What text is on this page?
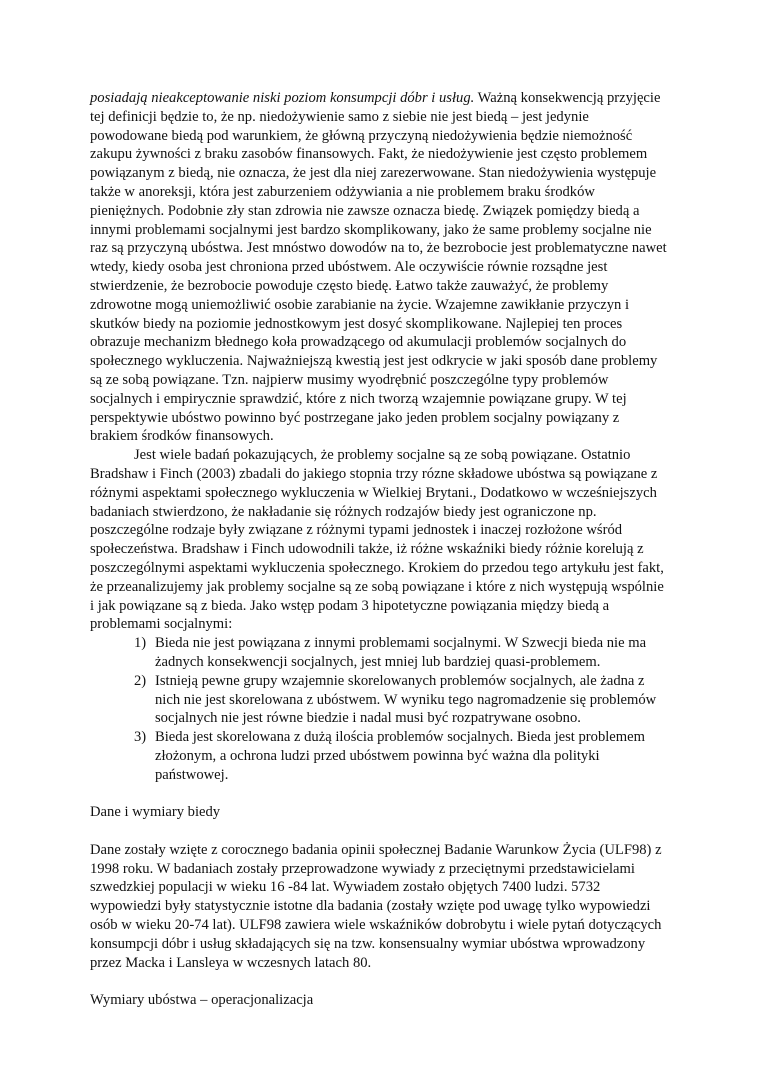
posiadają nieakceptowanie niski poziom konsumpcji dóbr i usług. Ważną konsekwencją przyjęcie tej definicji będzie to, że np. niedożywienie samo z siebie nie jest biedą – jest jedynie powodowane biedą pod warunkiem, że główną przyczyną niedożywienia będzie niemożność zakupu żywności z braku zasobów finansowych. Fakt, że niedożywienie jest często problemem powiązanym z biedą, nie oznacza, że jest dla niej zarezerwowane. Stan niedożywienia występuje także w anoreksji, która jest zaburzeniem odżywiania a nie problemem braku środków pieniężnych. Podobnie zły stan zdrowia nie zawsze oznacza biedę. Związek pomiędzy biedą a innymi problemami socjalnymi jest bardzo skomplikowany, jako że same problemy socjalne nie raz są przyczyną ubóstwa. Jest mnóstwo dowodów na to, że bezrobocie jest problematyczne nawet wtedy, kiedy osoba jest chroniona przed ubóstwem. Ale oczywiście równie rozsądne jest stwierdzenie, że bezrobocie powoduje często biedę. Łatwo także zauważyć, że problemy zdrowotne mogą uniemożliwić osobie zarabianie na życie. Wzajemne zawikłanie przyczyn i skutków biedy na poziomie jednostkowym jest dosyć skomplikowane. Najlepiej ten proces obrazuje mechanizm błednego koła prowadzącego od akumulacji problemów socjalnych do społecznego wykluczenia. Najważniejszą kwestią jest jest odkrycie w jaki sposób dane problemy są ze sobą powiązane. Tzn. najpierw musimy wyodrębnić poszczególne typy problemów socjalnych i empirycznie sprawdzić, które z nich tworzą wzajemnie powiązane grupy. W tej perspektywie ubóstwo powinno być postrzegane jako jeden problem socjalny powiązany z brakiem środków finansowych.

Jest wiele badań pokazujących, że problemy socjalne są ze sobą powiązane. Ostatnio Bradshaw i Finch (2003) zbadali do jakiego stopnia trzy rózne składowe ubóstwa są powiązane z różnymi aspektami społecznego wykluczenia w Wielkiej Brytani., Dodatkowo w wcześniejszych badaniach stwierdzono, że nakładanie się różnych rodzajów biedy jest ograniczone np. poszczególne rodzaje były związane z różnymi typami jednostek i inaczej rozłożone wśród społeczeństwa. Bradshaw i Finch udowodnili także, iż różne wskaźniki biedy różnie korelują z poszczególnymi aspektami wykluczenia społecznego. Krokiem do przedou tego artykułu jest fakt, że przeanalizujemy jak problemy socjalne są ze sobą powiązane i które z nich występują wspólnie i jak powiązane są z bieda. Jako wstęp podam 3 hipotetyczne powiązania między biedą a problemami socjalnymi:

1) Bieda nie jest powiązana z innymi problemami socjalnymi. W Szwecji bieda nie ma żadnych konsekwencji socjalnych, jest mniej lub bardziej quasi-problemem.
2) Istnieją pewne grupy wzajemnie skorelowanych problemów socjalnych, ale żadna z nich nie jest skorelowana z ubóstwem. W wyniku tego nagromadzenie się problemów socjalnych nie jest równe biedzie i nadal musi być rozpatrywane osobno.
3) Bieda jest skorelowana z dużą ilościa problemów socjalnych. Bieda jest problemem złożonym, a ochrona ludzi przed ubóstwem powinna być ważna dla polityki państwowej.

Dane i wymiary biedy

Dane zostały wzięte z corocznego badania opinii społecznej Badanie Warunkow Życia (ULF98) z 1998 roku. W badaniach zostały przeprowadzone wywiady z przeciętnymi przedstawicielami szwedzkiej populacji w wieku 16 -84 lat. Wywiadem zostało objętych 7400 ludzi. 5732 wypowiedzi były statystycznie istotne dla badania (zostały wzięte pod uwagę tylko wypowiedzi osób w wieku 20-74 lat). ULF98 zawiera wiele wskaźników dobrobytu i wiele pytań dotyczących konsumpcji dóbr i usług składających się na tzw. konsensualny wymiar ubóstwa wprowadzony przez Macka i Lansleya w wczesnych latach 80.

Wymiary ubóstwa – operacjonalizacja
